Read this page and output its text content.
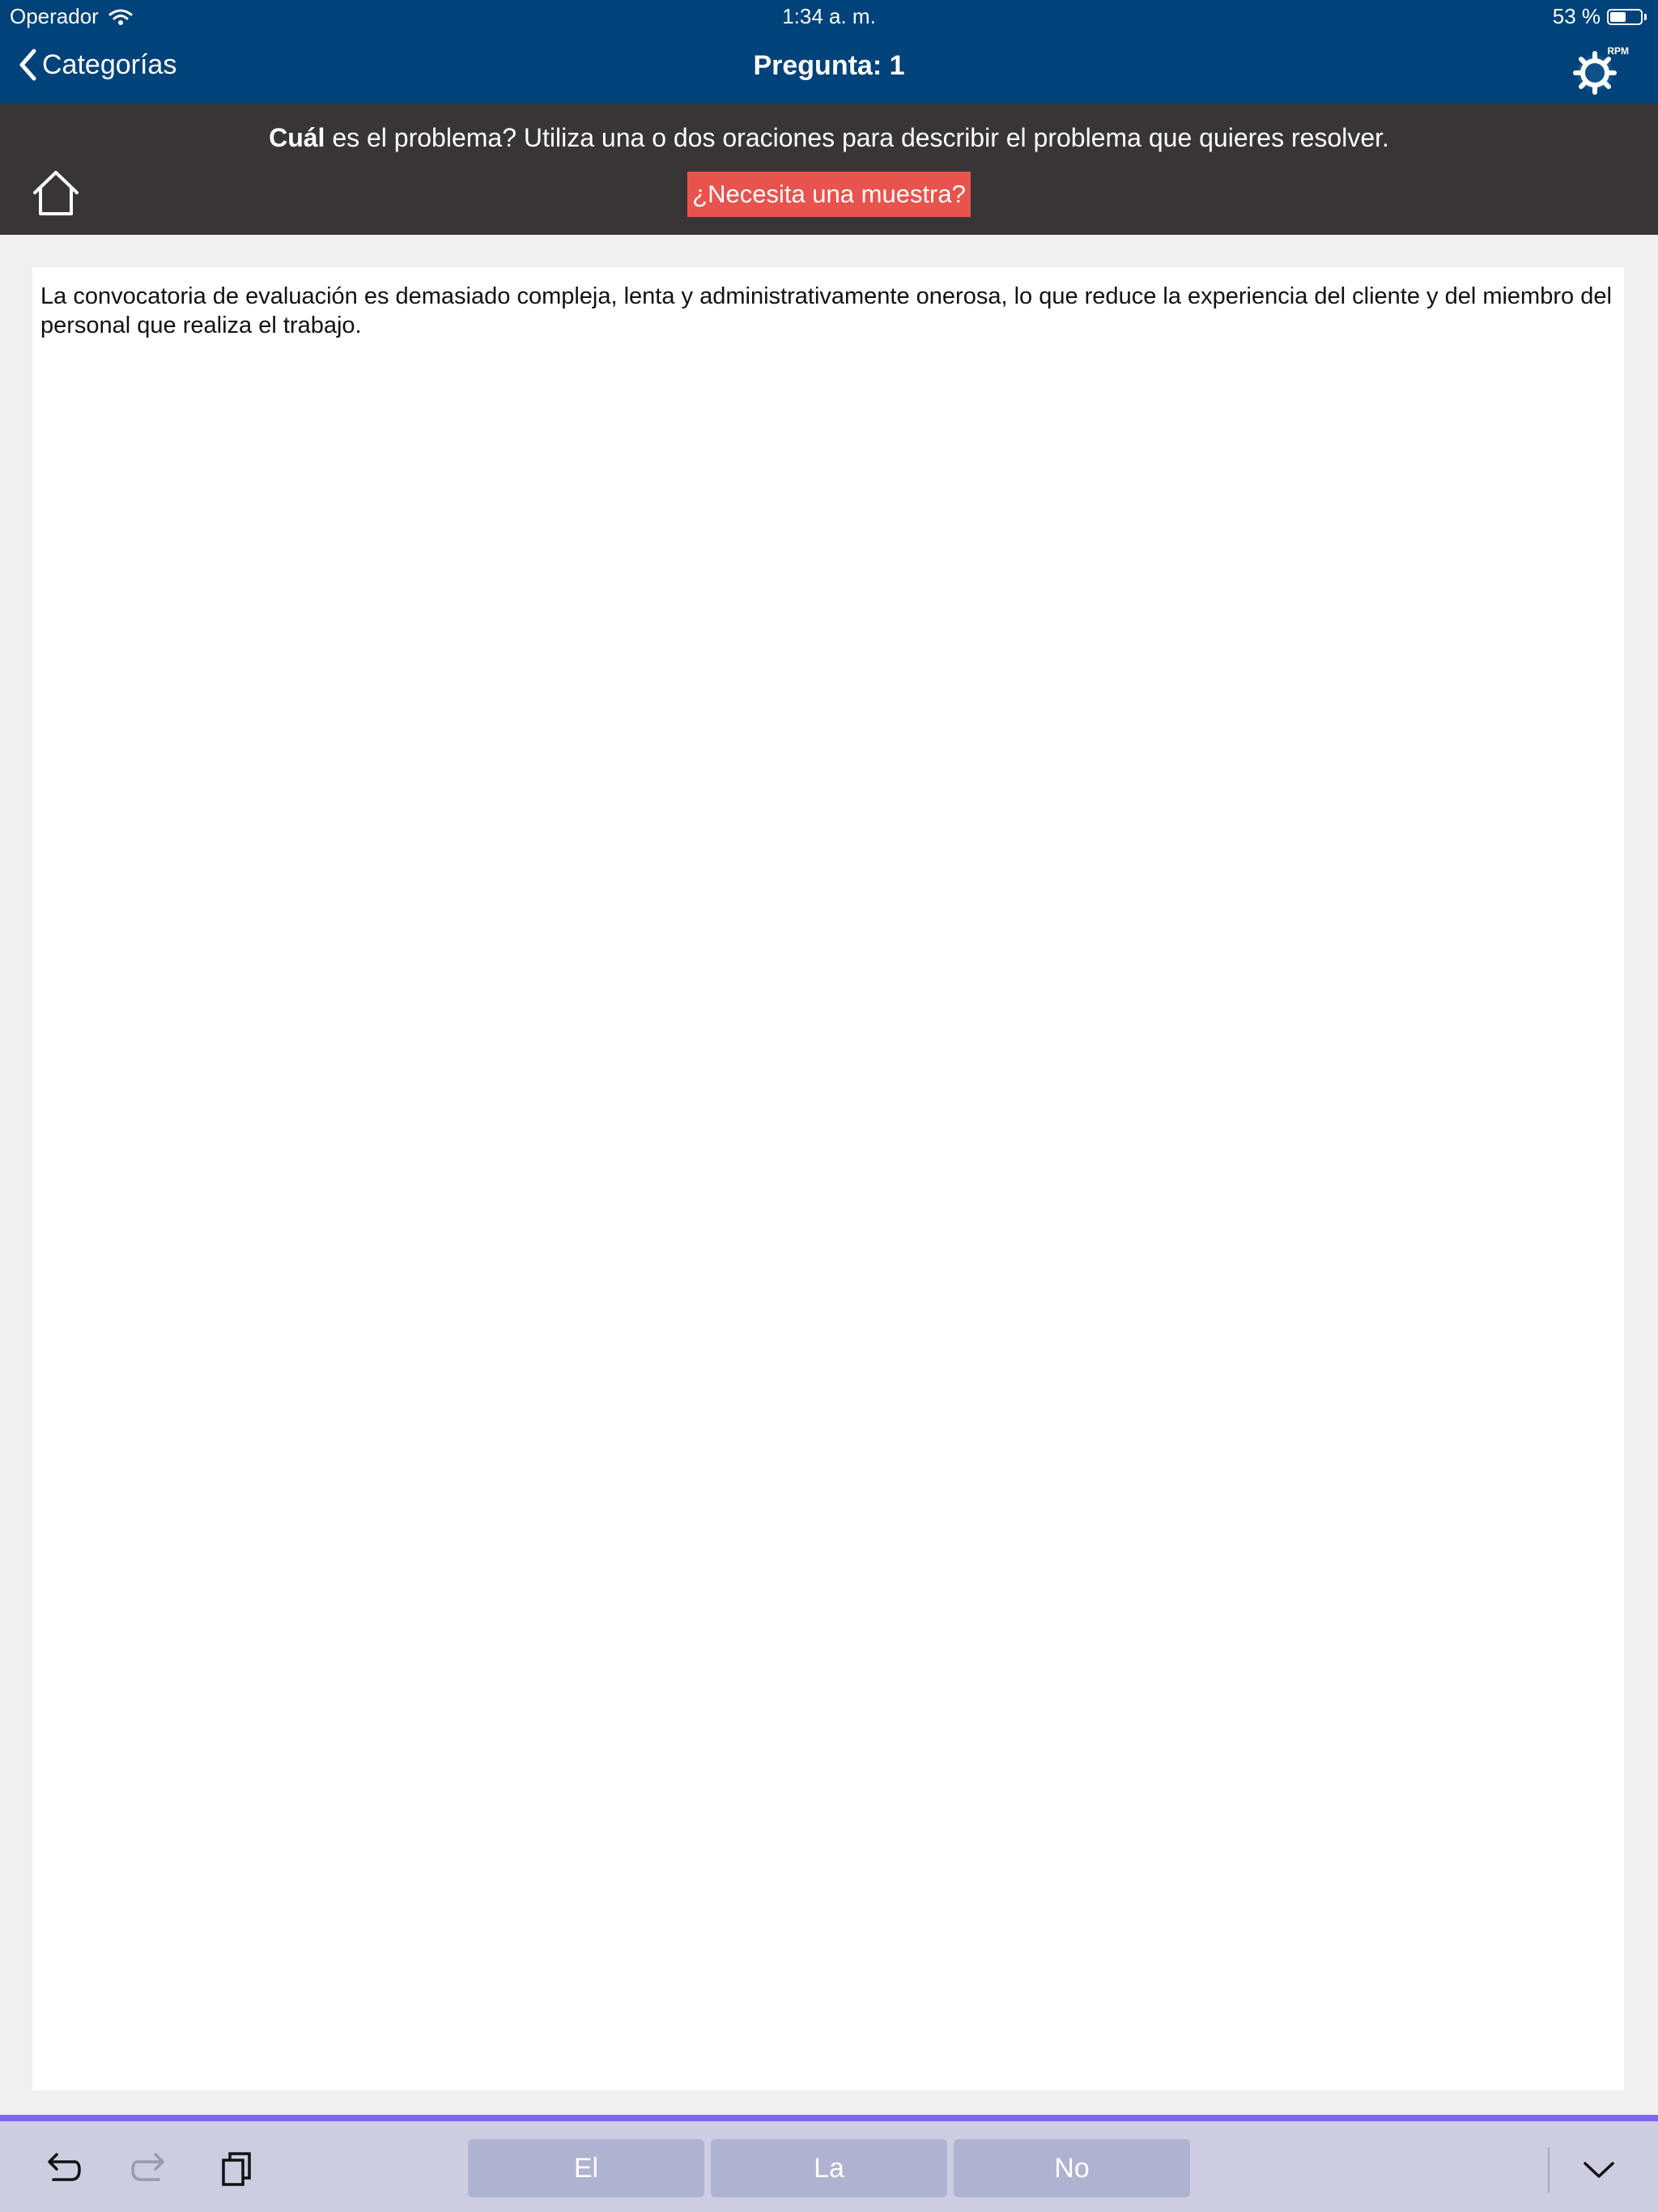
Operador	1:34 a. m.	53 %
Categorías	Pregunta: 1	RPM
Cuál es el problema? Utiliza una o dos oraciones para describir el problema que quieres resolver.
¿Necesita una muestra?
La convocatoria de evaluación es demasiado compleja, lenta y administrativamente onerosa, lo que reduce la experiencia del cliente y del miembro del personal que realiza el trabajo.
El	La	No
